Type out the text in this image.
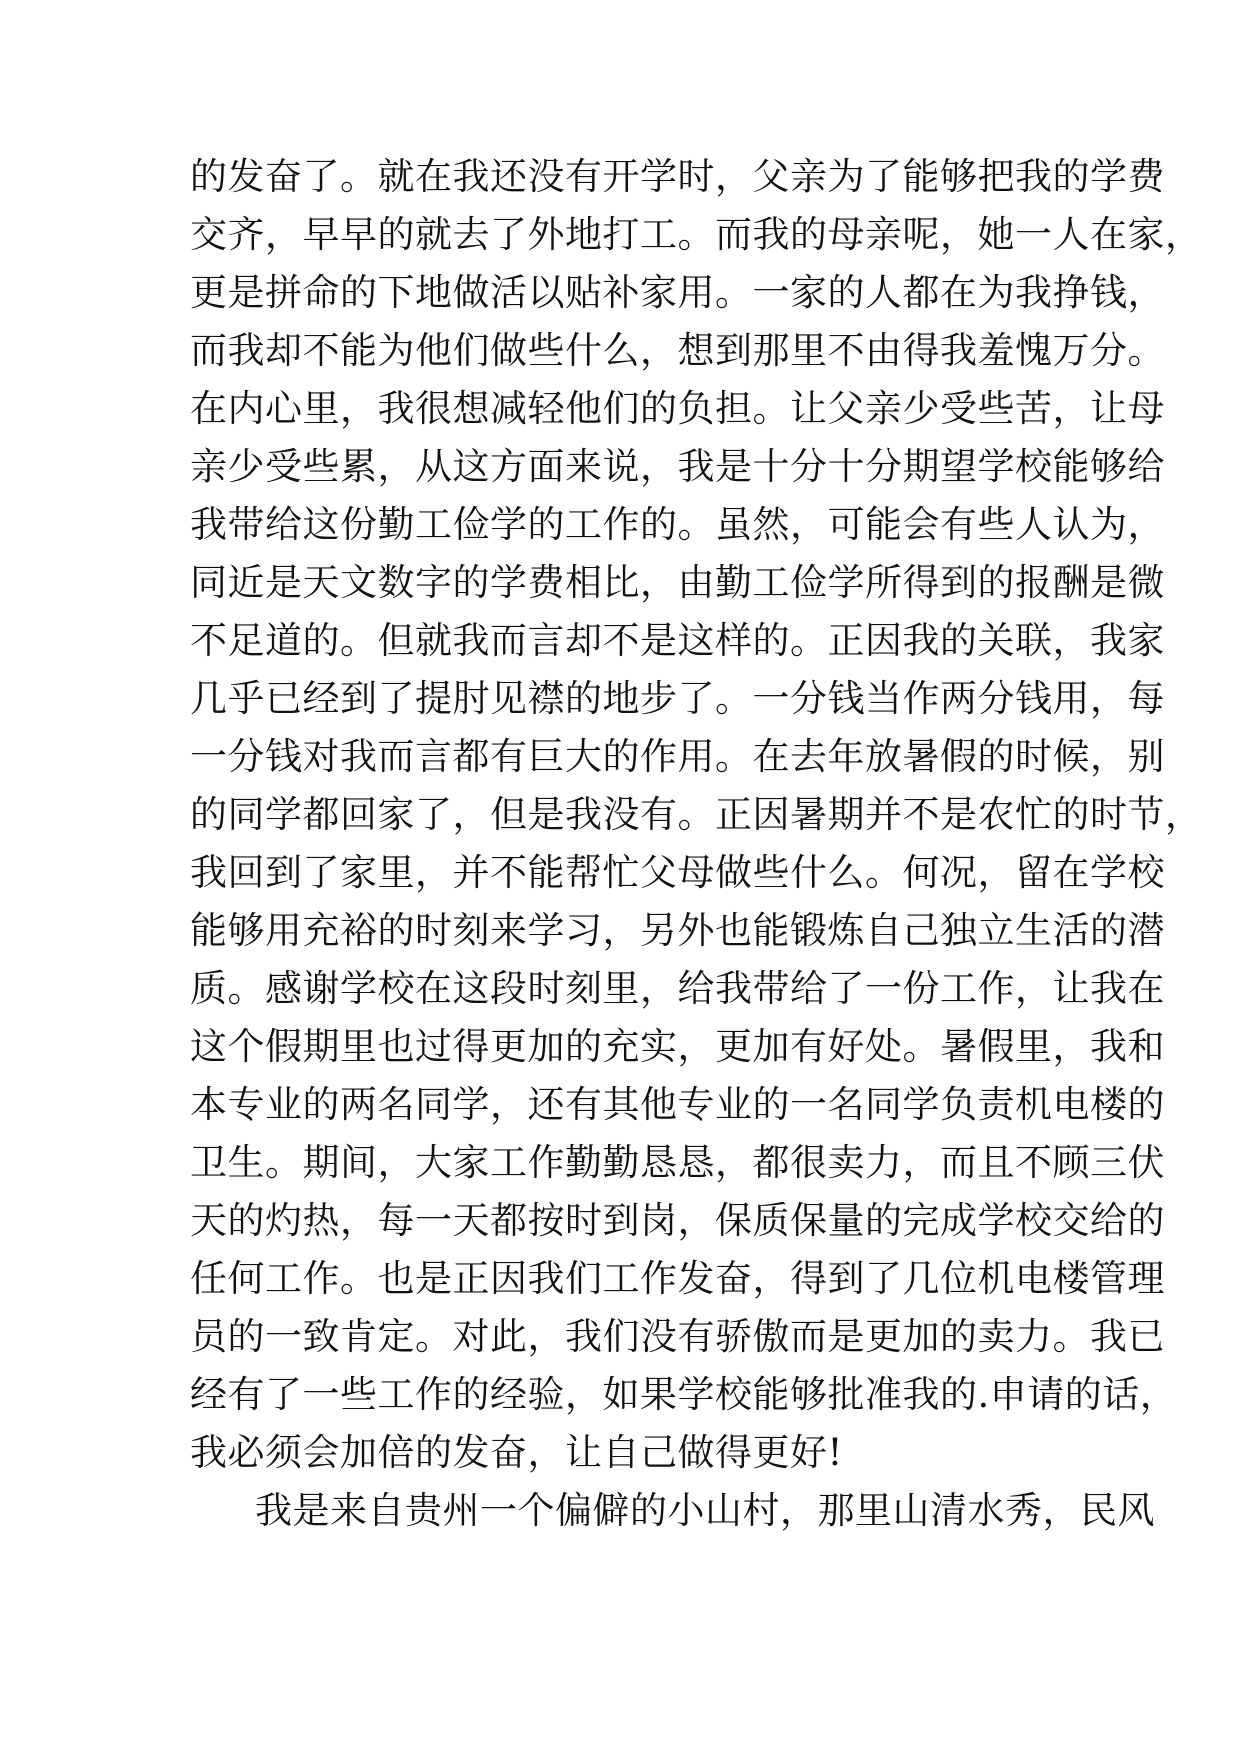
的发奋了。就在我还没有开学时，父亲为了能够把我的学费
交齐，早早的就去了外地打工。而我的母亲呢，她一人在家，
更是拼命的下地做活以贴补家用。一家的人都在为我挣钱，
而我却不能为他们做些什么，想到那里不由得我羞愧万分。
在内心里，我很想减轻他们的负担。让父亲少受些苦，让母
亲少受些累，从这方面来说，我是十分十分期望学校能够给
我带给这份勤工俭学的工作的。虽然，可能会有些人认为，
同近是天文数字的学费相比，由勤工俭学所得到的报酬是微
不足道的。但就我而言却不是这样的。正因我的关联，我家
几乎已经到了提肘见襟的地步了。一分钱当作两分钱用，每
一分钱对我而言都有巨大的作用。在去年放暑假的时候，别
的同学都回家了，但是我没有。正因暑期并不是农忙的时节，
我回到了家里，并不能帮忙父母做些什么。何况，留在学校
能够用充裕的时刻来学习，另外也能锻炼自己独立生活的潜
质。感谢学校在这段时刻里，给我带给了一份工作，让我在
这个假期里也过得更加的充实，更加有好处。暑假里，我和
本专业的两名同学，还有其他专业的一名同学负责机电楼的
卫生。期间，大家工作勤勤恳恳，都很卖力，而且不顾三伏
天的灼热，每一天都按时到岗，保质保量的完成学校交给的
任何工作。也是正因我们工作发奋，得到了几位机电楼管理
员的一致肯定。对此，我们没有骄傲而是更加的卖力。我已
经有了一些工作的经验，如果学校能够批准我的.申请的话，
我必须会加倍的发奋，让自己做得更好!
我是来自贵州一个偏僻的小山村，那里山清水秀，民风
